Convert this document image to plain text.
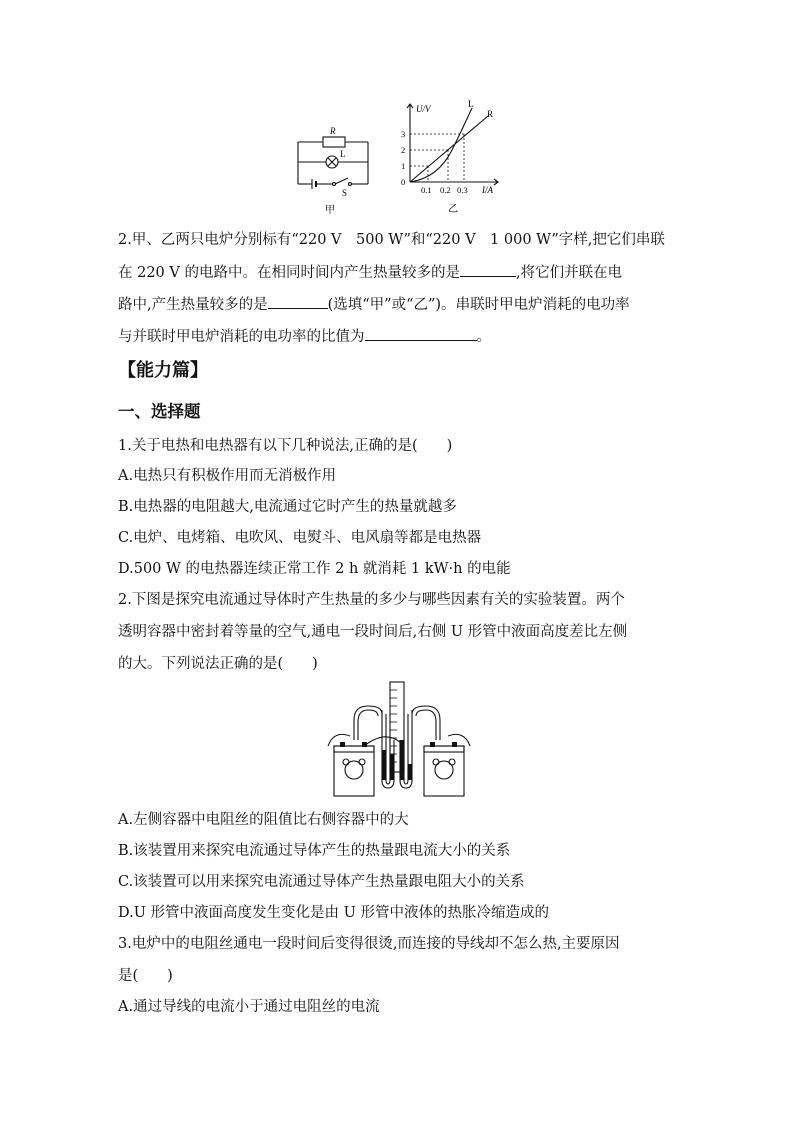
R
L
S
甲
U/V
I/A
L
R
3
2
1
0
0.1 0.2 0.3
乙
2.甲、乙两只电炉分别标有“220 V　500 W”和“220 V　1 000 W”字样,把它们串联
在 220 V 的电路中。在相同时间内产生热量较多的是	,将它们并联在电
路中,产生热量较多的是	(选填“甲”或“乙”)。串联时甲电炉消耗的电功率
与并联时甲电炉消耗的电功率的比值为	。
【能力篇】
一、选择题
1.关于电热和电热器有以下几种说法,正确的是(　　)
A.电热只有积极作用而无消极作用
B.电热器的电阻越大,电流通过它时产生的热量就越多
C.电炉、电烤箱、电吹风、电熨斗、电风扇等都是电热器
D.500 W 的电热器连续正常工作 2 h 就消耗 1 kW·h 的电能
2.下图是探究电流通过导体时产生热量的多少与哪些因素有关的实验装置。两个
透明容器中密封着等量的空气,通电一段时间后,右侧 U 形管中液面高度差比左侧
的大。下列说法正确的是(　　)
A.左侧容器中电阻丝的阻值比右侧容器中的大
B.该装置用来探究电流通过导体产生的热量跟电流大小的关系
C.该装置可以用来探究电流通过导体产生热量跟电阻大小的关系
D.U 形管中液面高度发生变化是由 U 形管中液体的热胀冷缩造成的
3.电炉中的电阻丝通电一段时间后变得很烫,而连接的导线却不怎么热,主要原因
是(　　)
A.通过导线的电流小于通过电阻丝的电流
